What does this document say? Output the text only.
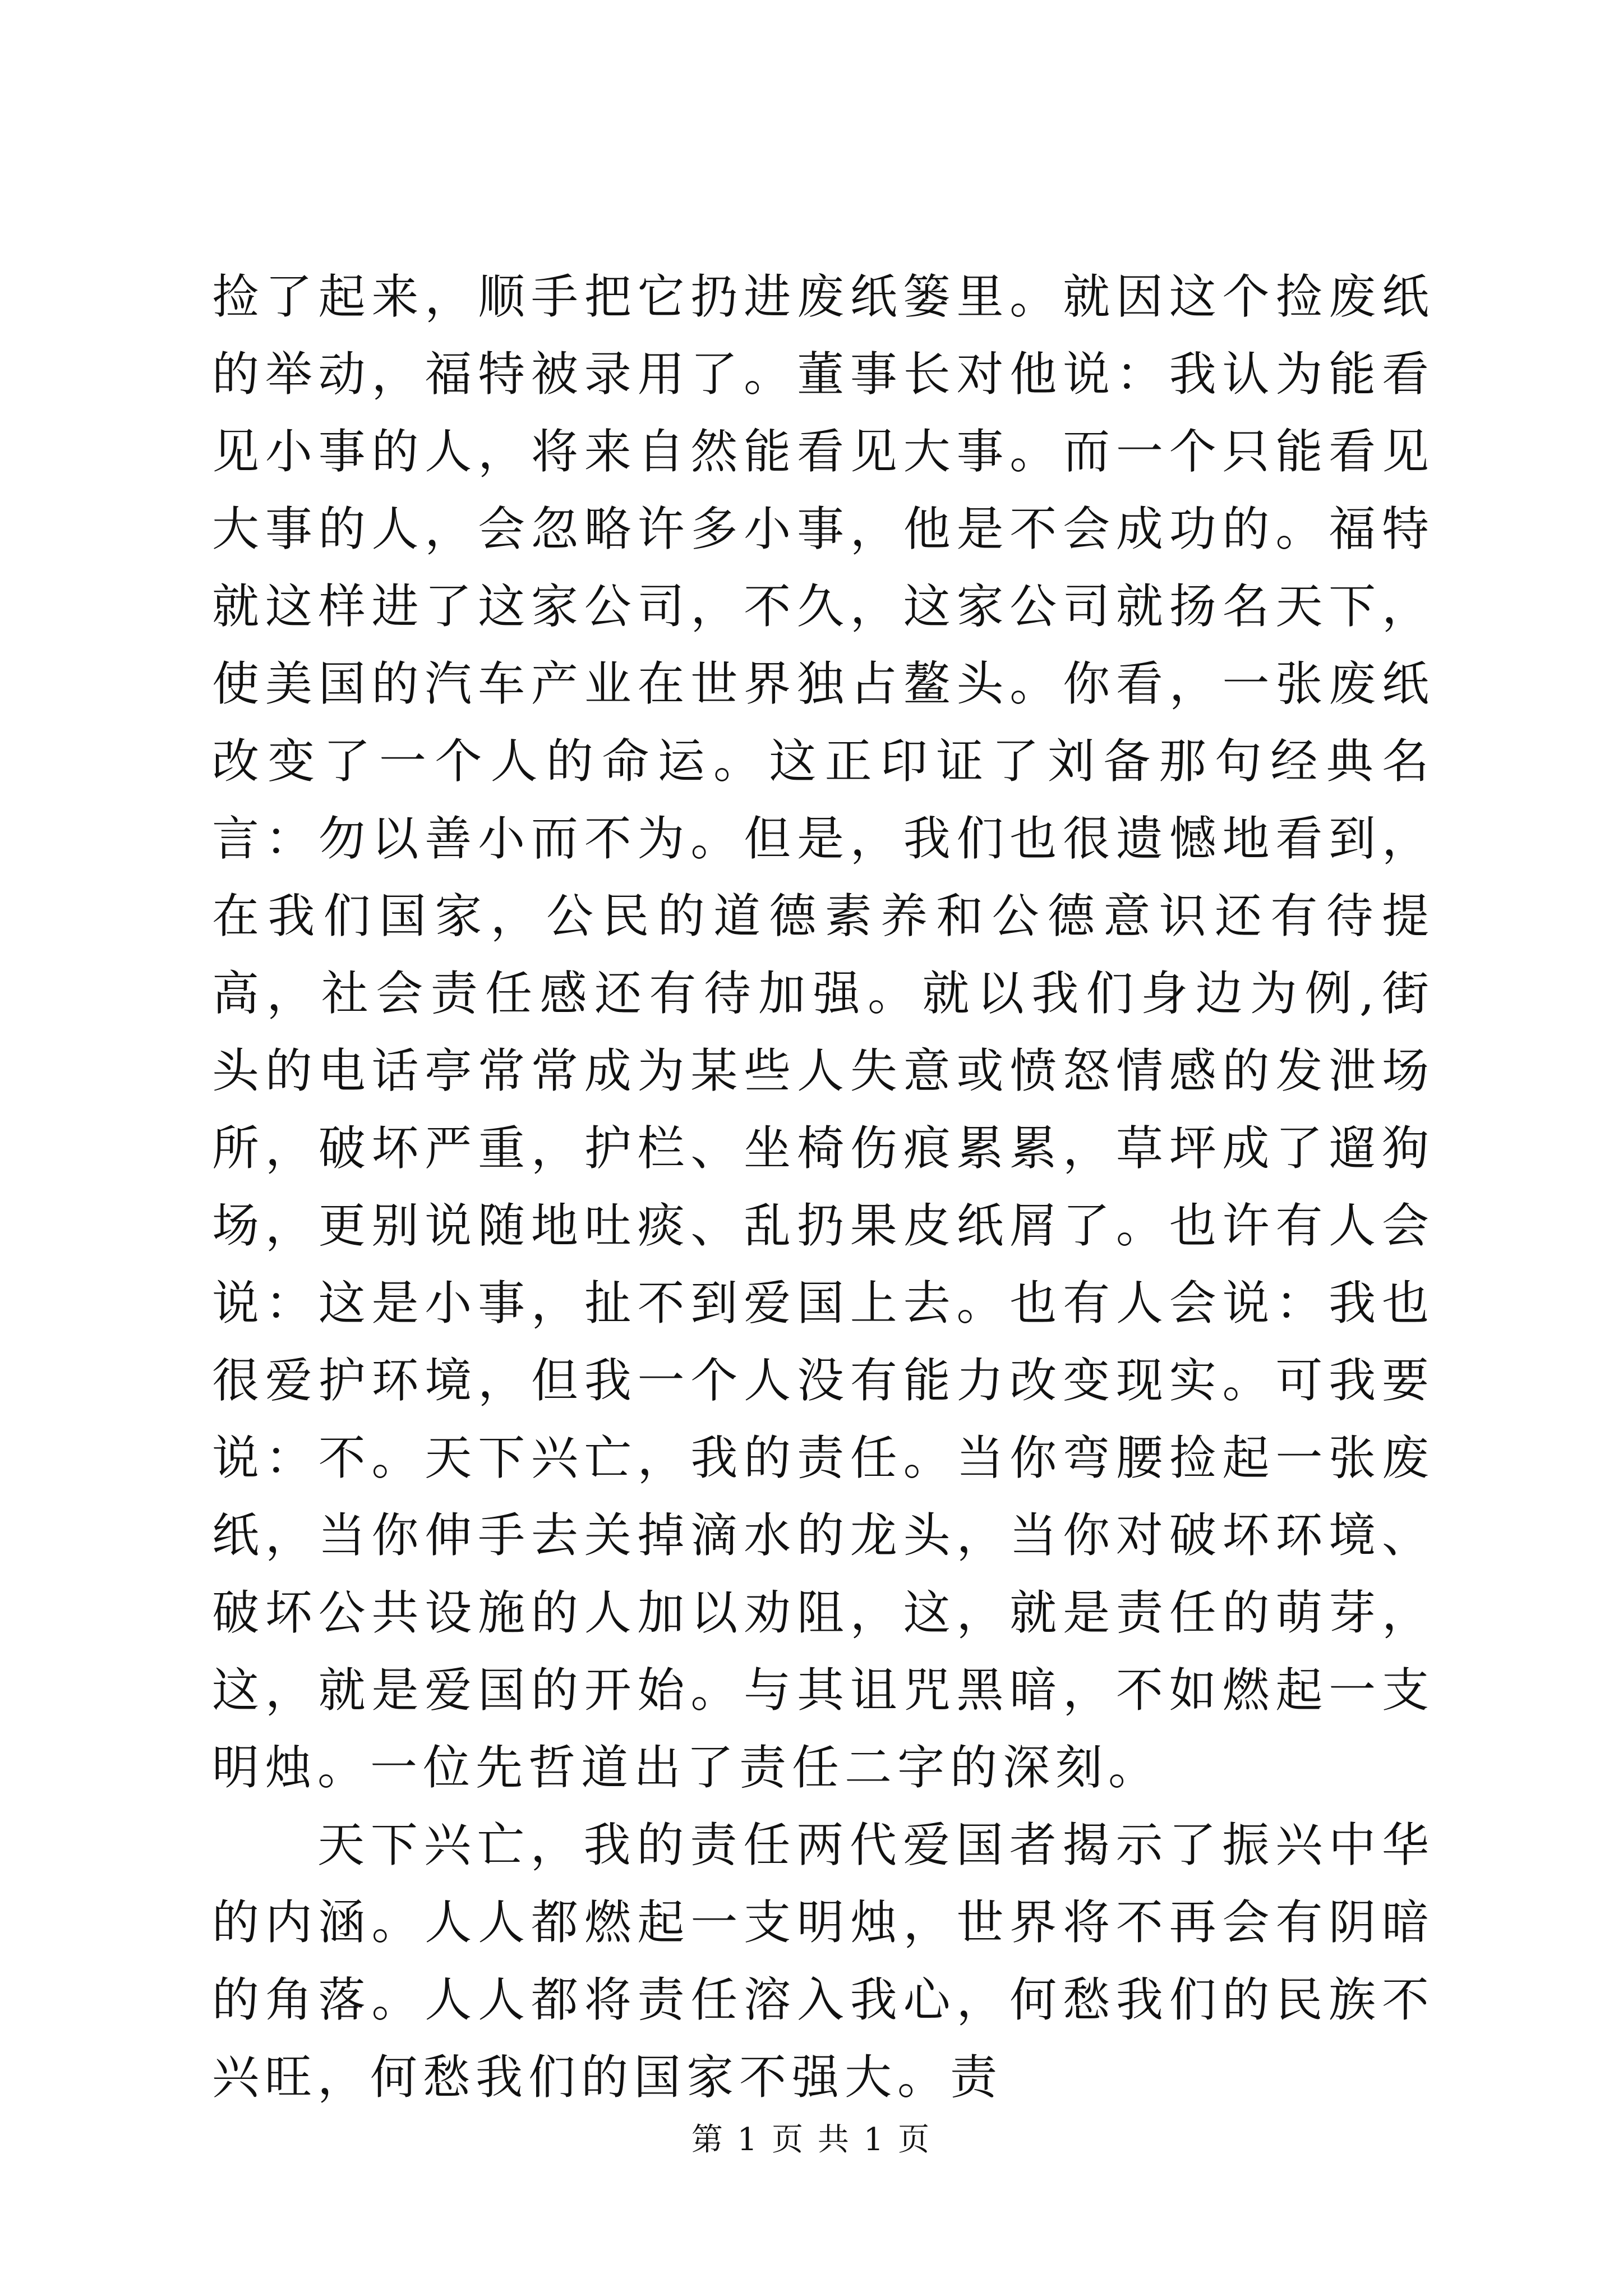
捡了起来，顺手把它扔进废纸篓里。就因这个捡废纸的举动，福特被录用了。董事长对他说：我认为能看见小事的人，将来自然能看见大事。而一个只能看见大事的人，会忽略许多小事，他是不会成功的。福特就这样进了这家公司，不久，这家公司就扬名天下，使美国的汽车产业在世界独占鳌头。你看，一张废纸改变了一个人的命运。这正印证了刘备那句经典名言：勿以善小而不为。但是，我们也很遗憾地看到，在我们国家，公民的道德素养和公德意识还有待提高，社会责任感还有待加强。就以我们身边为例,街头的电话亭常常成为某些人失意或愤怒情感的发泄场所，破坏严重，护栏、坐椅伤痕累累，草坪成了遛狗场，更别说随地吐痰、乱扔果皮纸屑了。也许有人会说：这是小事，扯不到爱国上去。也有人会说：我也很爱护环境，但我一个人没有能力改变现实。可我要说：不。天下兴亡，我的责任。当你弯腰捡起一张废纸，当你伸手去关掉滴水的龙头，当你对破坏环境、破坏公共设施的人加以劝阻，这，就是责任的萌芽，这，就是爱国的开始。与其诅咒黑暗，不如燃起一支明烛。一位先哲道出了责任二字的深刻。

天下兴亡，我的责任两代爱国者揭示了振兴中华的内涵。人人都燃起一支明烛，世界将不再会有阴暗的角落。人人都将责任溶入我心，何愁我们的民族不兴旺，何愁我们的国家不强大。责

第 1 页 共 1 页
